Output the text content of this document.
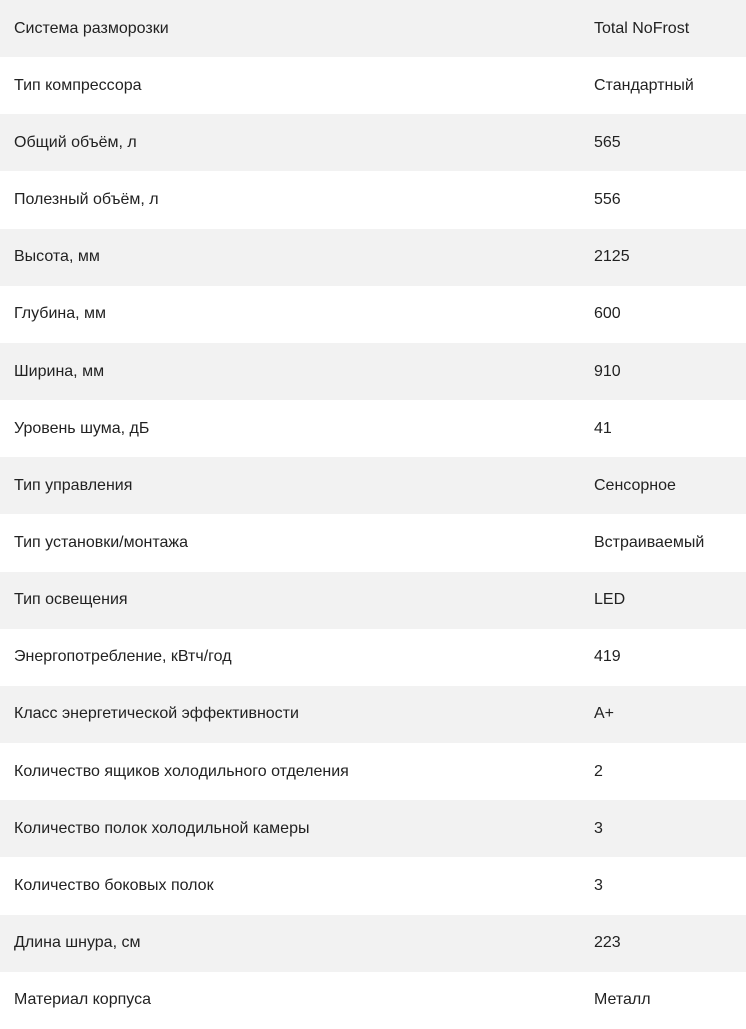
Система разморозки	Total NoFrost
Тип компрессора	Стандартный
Общий объём, л	565
Полезный объём, л	556
Высота, мм	2125
Глубина, мм	600
Ширина, мм	910
Уровень шума, дБ	41
Тип управления	Сенсорное
Тип установки/монтажа	Встраиваемый
Тип освещения	LED
Энергопотребление, кВтч/год	419
Класс энергетической эффективности	A+
Количество ящиков холодильного отделения	2
Количество полок холодильной камеры	3
Количество боковых полок	3
Длина шнура, см	223
Материал корпуса	Металл
